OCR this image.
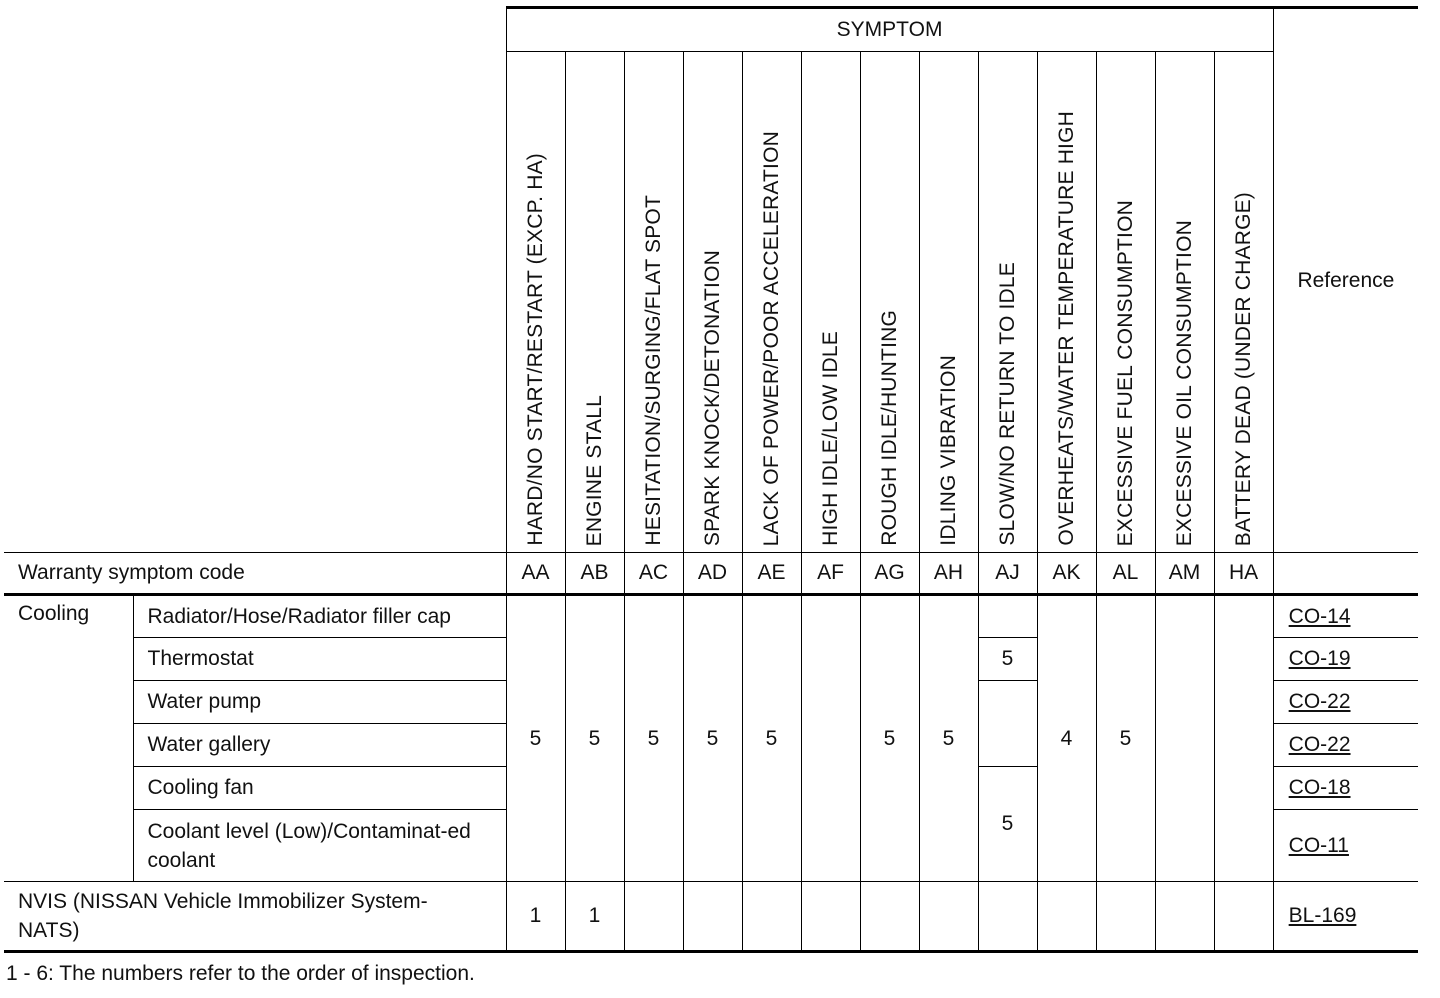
		SYMPTOM													Reference
		HARD/NO START/RESTART (EXCP. HA)	ENGINE STALL	HESITATION/SURGING/FLAT SPOT	SPARK KNOCK/DETONATION	LACK OF POWER/POOR ACCELERATION	HIGH IDLE/LOW IDLE	ROUGH IDLE/HUNTING	IDLING VIBRATION	SLOW/NO RETURN TO IDLE	OVERHEATS/WATER TEMPERATURE HIGH	EXCESSIVE FUEL CONSUMPTION	EXCESSIVE OIL CONSUMPTION	BATTERY DEAD (UNDER CHARGE)	
Warranty symptom code		AA	AB	AC	AD	AE	AF	AG	AH	AJ	AK	AL	AM	HA	
Cooling	Radiator/Hose/Radiator filler cap	5	5	5	5	5		5	5		4	5			CO-14
	Thermostat									5					CO-19
	Water pump														CO-22
	Water gallery														CO-22
	Cooling fan									5					CO-18
	Coolant level (Low)/Contaminat-ed coolant														CO-11
NVIS (NISSAN Vehicle Immobilizer System-NATS)		1	1												BL-169
1 - 6: The numbers refer to the order of inspection.
